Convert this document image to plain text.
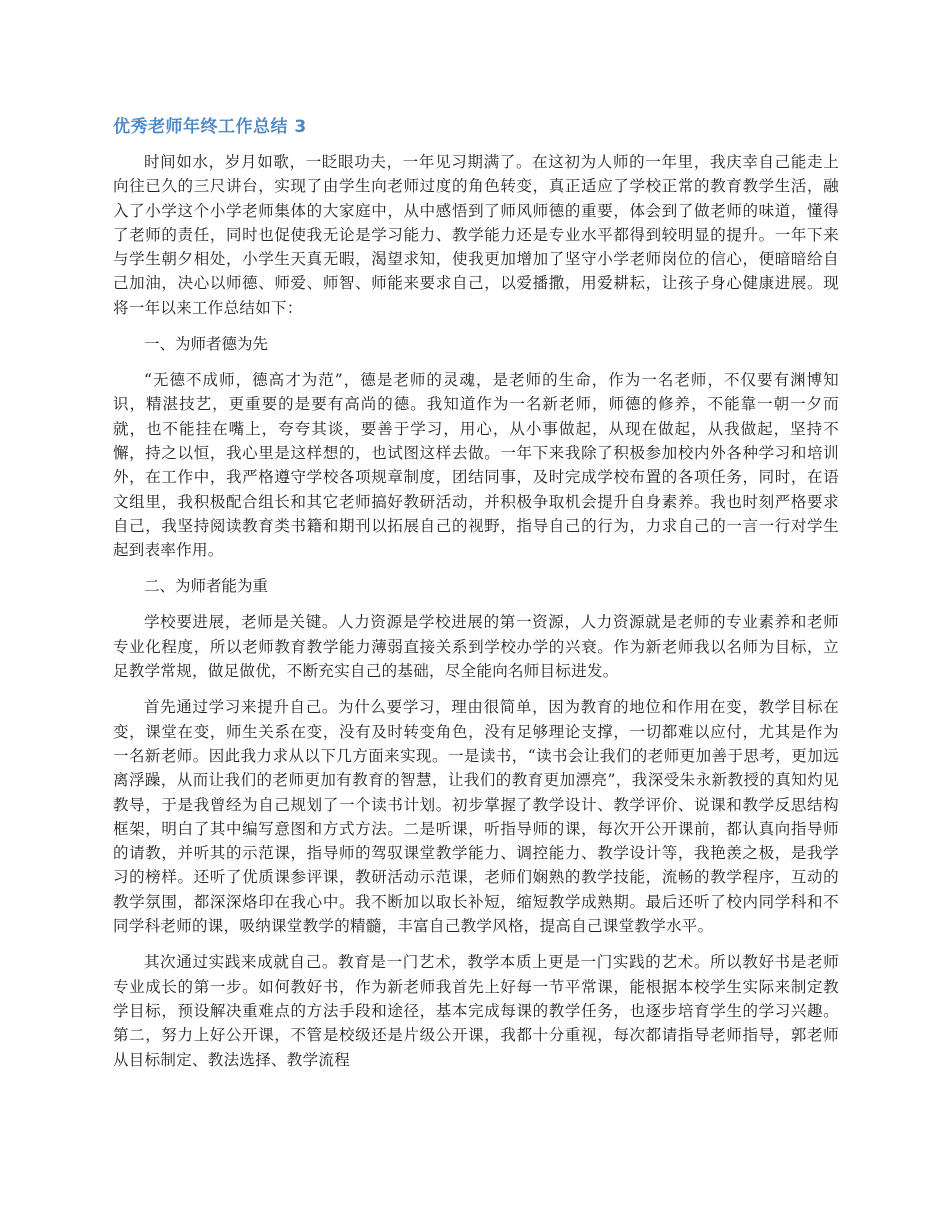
优秀老师年终工作总结 3

时间如水，岁月如歌，一眨眼功夫，一年见习期满了。在这初为人师的一年里，我庆幸自己能走上向往已久的三尺讲台，实现了由学生向老师过度的角色转变，真正适应了学校正常的教育教学生活，融入了小学这个小学老师集体的大家庭中，从中感悟到了师风师德的重要，体会到了做老师的味道，懂得了老师的责任，同时也促使我无论是学习能力、教学能力还是专业水平都得到较明显的提升。一年下来与学生朝夕相处，小学生天真无暇，渴望求知，使我更加增加了坚守小学老师岗位的信心，便暗暗给自己加油，决心以师德、师爱、师智、师能来要求自己，以爱播撒，用爱耕耘，让孩子身心健康进展。现将一年以来工作总结如下：

一、为师者德为先

“无德不成师，德高才为范”，德是老师的灵魂，是老师的生命，作为一名老师，不仅要有渊博知识，精湛技艺，更重要的是要有高尚的德。我知道作为一名新老师，师德的修养，不能靠一朝一夕而就，也不能挂在嘴上，夸夸其谈，要善于学习，用心，从小事做起，从现在做起，从我做起，坚持不懈，持之以恒，我心里是这样想的，也试图这样去做。一年下来我除了积极参加校内外各种学习和培训外，在工作中，我严格遵守学校各项规章制度，团结同事，及时完成学校布置的各项任务，同时，在语文组里，我积极配合组长和其它老师搞好教研活动，并积极争取机会提升自身素养。我也时刻严格要求自己，我坚持阅读教育类书籍和期刊以拓展自己的视野，指导自己的行为，力求自己的一言一行对学生起到表率作用。

二、为师者能为重

学校要进展，老师是关键。人力资源是学校进展的第一资源，人力资源就是老师的专业素养和老师专业化程度，所以老师教育教学能力薄弱直接关系到学校办学的兴衰。作为新老师我以名师为目标，立足教学常规，做足做优，不断充实自己的基础，尽全能向名师目标进发。

首先通过学习来提升自己。为什么要学习，理由很简单，因为教育的地位和作用在变，教学目标在变，课堂在变，师生关系在变，没有及时转变角色，没有足够理论支撑，一切都难以应付，尤其是作为一名新老师。因此我力求从以下几方面来实现。一是读书，“读书会让我们的老师更加善于思考，更加远离浮躁，从而让我们的老师更加有教育的智慧，让我们的教育更加漂亮”，我深受朱永新教授的真知灼见教导，于是我曾经为自己规划了一个读书计划。初步掌握了教学设计、教学评价、说课和教学反思结构框架，明白了其中编写意图和方式方法。二是听课，听指导师的课，每次开公开课前，都认真向指导师的请教，并听其的示范课，指导师的驾驭课堂教学能力、调控能力、教学设计等，我艳羡之极，是我学习的榜样。还听了优质课参评课，教研活动示范课，老师们娴熟的教学技能，流畅的教学程序，互动的教学氛围，都深深烙印在我心中。我不断加以取长补短，缩短教学成熟期。最后还听了校内同学科和不同学科老师的课，吸纳课堂教学的精髓，丰富自己教学风格，提高自己课堂教学水平。

其次通过实践来成就自己。教育是一门艺术，教学本质上更是一门实践的艺术。所以教好书是老师专业成长的第一步。如何教好书，作为新老师我首先上好每一节平常课，能根据本校学生实际来制定教学目标，预设解决重难点的方法手段和途径，基本完成每课的教学任务，也逐步培育学生的学习兴趣。第二，努力上好公开课，不管是校级还是片级公开课，我都十分重视，每次都请指导老师指导，郭老师从目标制定、教法选择、教学流程
